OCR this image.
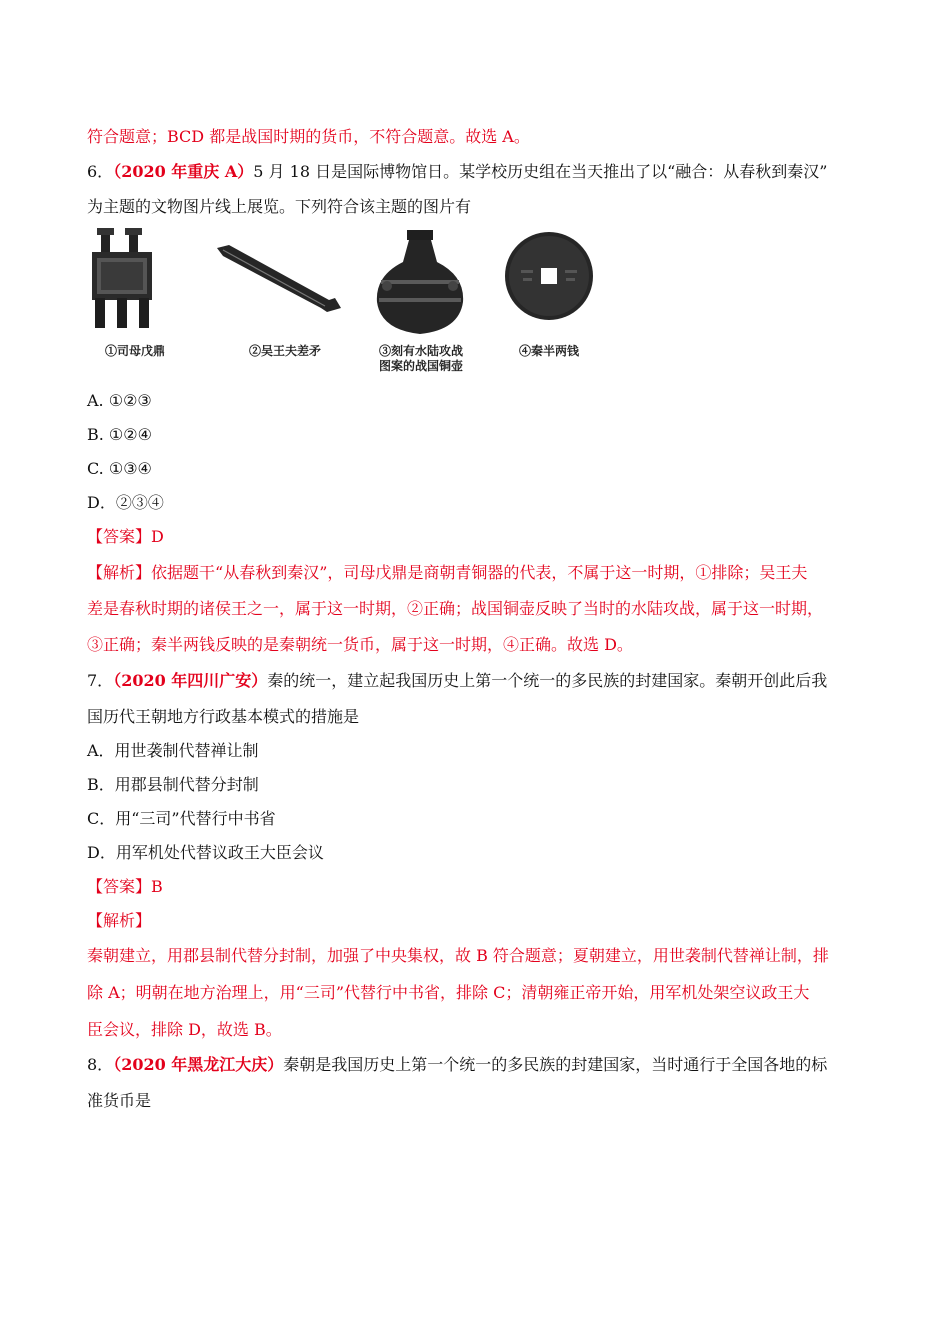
符合题意；BCD 都是战国时期的货币，不符合题意。故选 A。
6．（2020 年重庆 A）5 月 18 日是国际博物馆日。某学校历史组在当天推出了以“融合：从春秋到秦汉”
为主题的文物图片线上展览。下列符合该主题的图片有
①司母戊鼎	②吴王夫差矛	③刻有水陆攻战
图案的战国铜壶
④秦半两钱
A. ①②③
B. ①②④
C. ①③④
D．②③④
【答案】D
【解析】依据题干“从春秋到秦汉”，司母戊鼎是商朝青铜器的代表，不属于这一时期，①排除；吴王夫
差是春秋时期的诸侯王之一，属于这一时期，②正确；战国铜壶反映了当时的水陆攻战，属于这一时期，
③正确；秦半两钱反映的是秦朝统一货币，属于这一时期，④正确。故选 D。
7．（2020 年四川广安）秦的统一，建立起我国历史上第一个统一的多民族的封建国家。秦朝开创此后我
国历代王朝地方行政基本模式的措施是
A．用世袭制代替禅让制
B．用郡县制代替分封制
C．用“三司”代替行中书省
D．用军机处代替议政王大臣会议
【答案】B
【解析】
秦朝建立，用郡县制代替分封制，加强了中央集权，故 B 符合题意；夏朝建立，用世袭制代替禅让制，排
除 A；明朝在地方治理上，用“三司”代替行中书省，排除 C；清朝雍正帝开始，用军机处架空议政王大
臣会议，排除 D，故选 B。
8．（2020 年黑龙江大庆）秦朝是我国历史上第一个统一的多民族的封建国家，当时通行于全国各地的标
准货币是
